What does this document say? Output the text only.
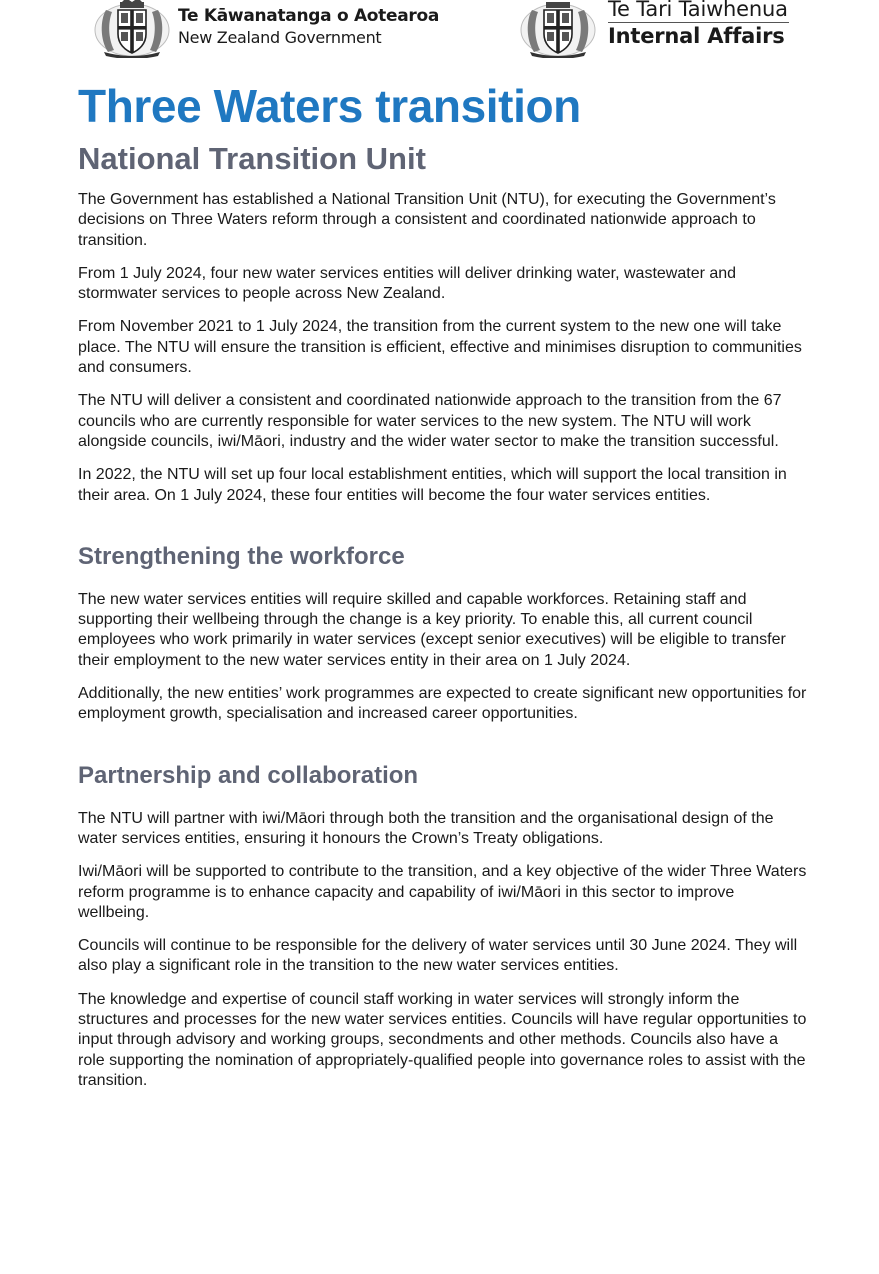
Te Kāwanatanga o Aotearoa
New Zealand Government
Te Tari Taiwhenua
Internal Affairs
Three Waters transition
National Transition Unit

The Government has established a National Transition Unit (NTU), for executing the Government’s decisions on Three Waters reform through a consistent and coordinated nationwide approach to transition.

From 1 July 2024, four new water services entities will deliver drinking water, wastewater and stormwater services to people across New Zealand.

From November 2021 to 1 July 2024, the transition from the current system to the new one will take place. The NTU will ensure the transition is efficient, effective and minimises disruption to communities and consumers.

The NTU will deliver a consistent and coordinated nationwide approach to the transition from the 67 councils who are currently responsible for water services to the new system. The NTU will work alongside councils, iwi/Māori, industry and the wider water sector to make the transition successful.

In 2022, the NTU will set up four local establishment entities, which will support the local transition in their area. On 1 July 2024, these four entities will become the four water services entities.

Strengthening the workforce

The new water services entities will require skilled and capable workforces. Retaining staff and supporting their wellbeing through the change is a key priority. To enable this, all current council employees who work primarily in water services (except senior executives) will be eligible to transfer their employment to the new water services entity in their area on 1 July 2024.

Additionally, the new entities’ work programmes are expected to create significant new opportunities for employment growth, specialisation and increased career opportunities.

Partnership and collaboration

The NTU will partner with iwi/Māori through both the transition and the organisational design of the water services entities, ensuring it honours the Crown’s Treaty obligations.

Iwi/Māori will be supported to contribute to the transition, and a key objective of the wider Three Waters reform programme is to enhance capacity and capability of iwi/Māori in this sector to improve wellbeing.

Councils will continue to be responsible for the delivery of water services until 30 June 2024. They will also play a significant role in the transition to the new water services entities.

The knowledge and expertise of council staff working in water services will strongly inform the structures and processes for the new water services entities. Councils will have regular opportunities to input through advisory and working groups, secondments and other methods. Councils also have a role supporting the nomination of appropriately-qualified people into governance roles to assist with the transition.
